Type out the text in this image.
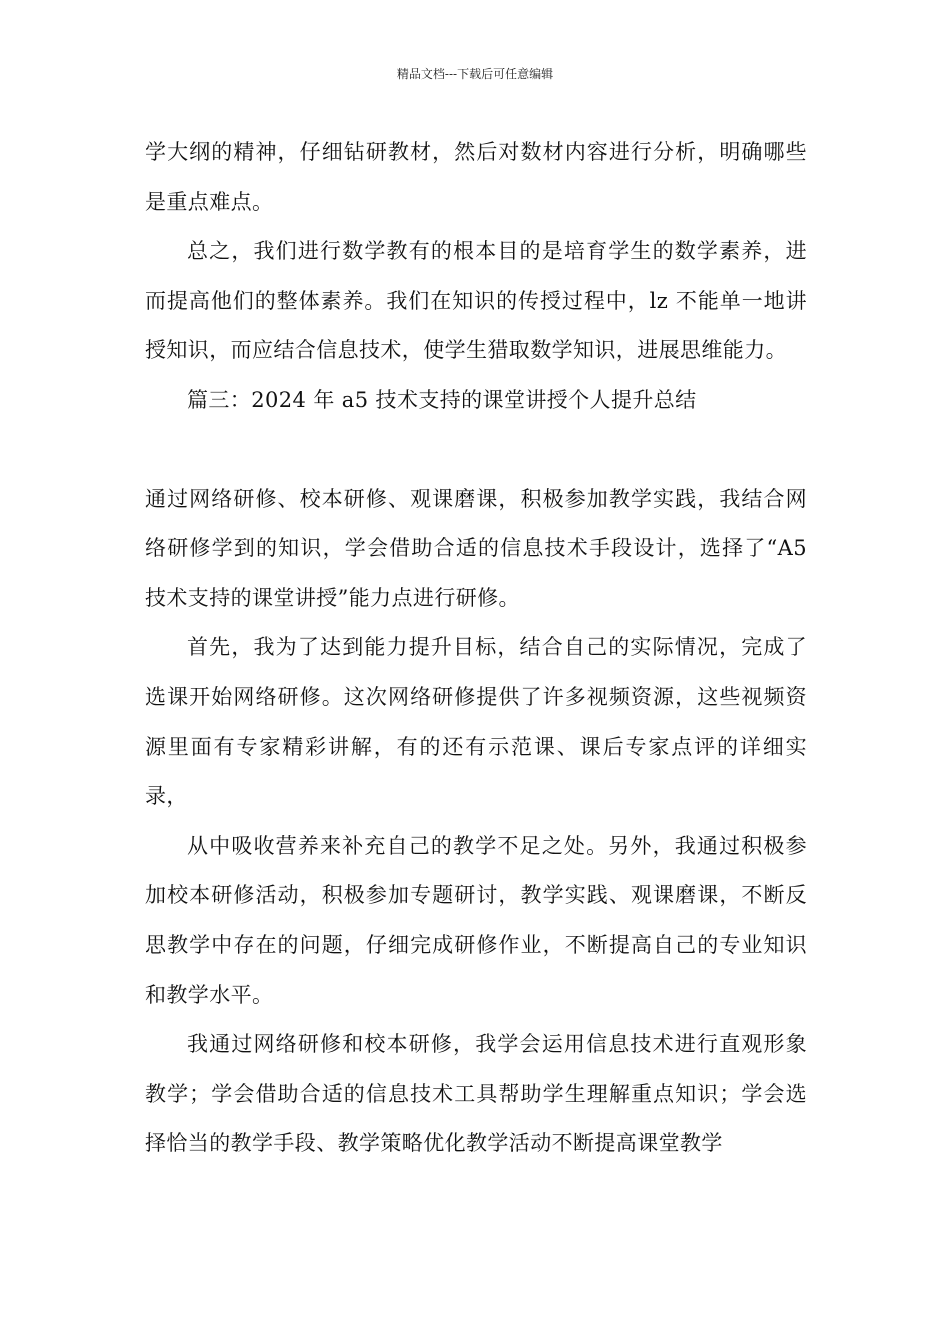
精品文档---下载后可任意编辑

学大纲的精神，仔细钻研教材，然后对数材内容进行分析，明确哪些是重点难点。

总之，我们进行数学教有的根本目的是培育学生的数学素养，进而提高他们的整体素养。我们在知识的传授过程中，lz 不能单一地讲授知识，而应结合信息技术，使学生猎取数学知识，进展思维能力。

篇三：2024 年 a5 技术支持的课堂讲授个人提升总结

通过网络研修、校本研修、观课磨课，积极参加教学实践，我结合网络研修学到的知识，学会借助合适的信息技术手段设计，选择了“A5 技术支持的课堂讲授”能力点进行研修。

首先，我为了达到能力提升目标，结合自己的实际情况，完成了选课开始网络研修。这次网络研修提供了许多视频资源，这些视频资源里面有专家精彩讲解，有的还有示范课、课后专家点评的详细实录，

从中吸收营养来补充自己的教学不足之处。另外，我通过积极参加校本研修活动，积极参加专题研讨，教学实践、观课磨课，不断反思教学中存在的问题，仔细完成研修作业，不断提高自己的专业知识和教学水平。

我通过网络研修和校本研修，我学会运用信息技术进行直观形象教学；学会借助合适的信息技术工具帮助学生理解重点知识；学会选择恰当的教学手段、教学策略优化教学活动不断提高课堂教学
